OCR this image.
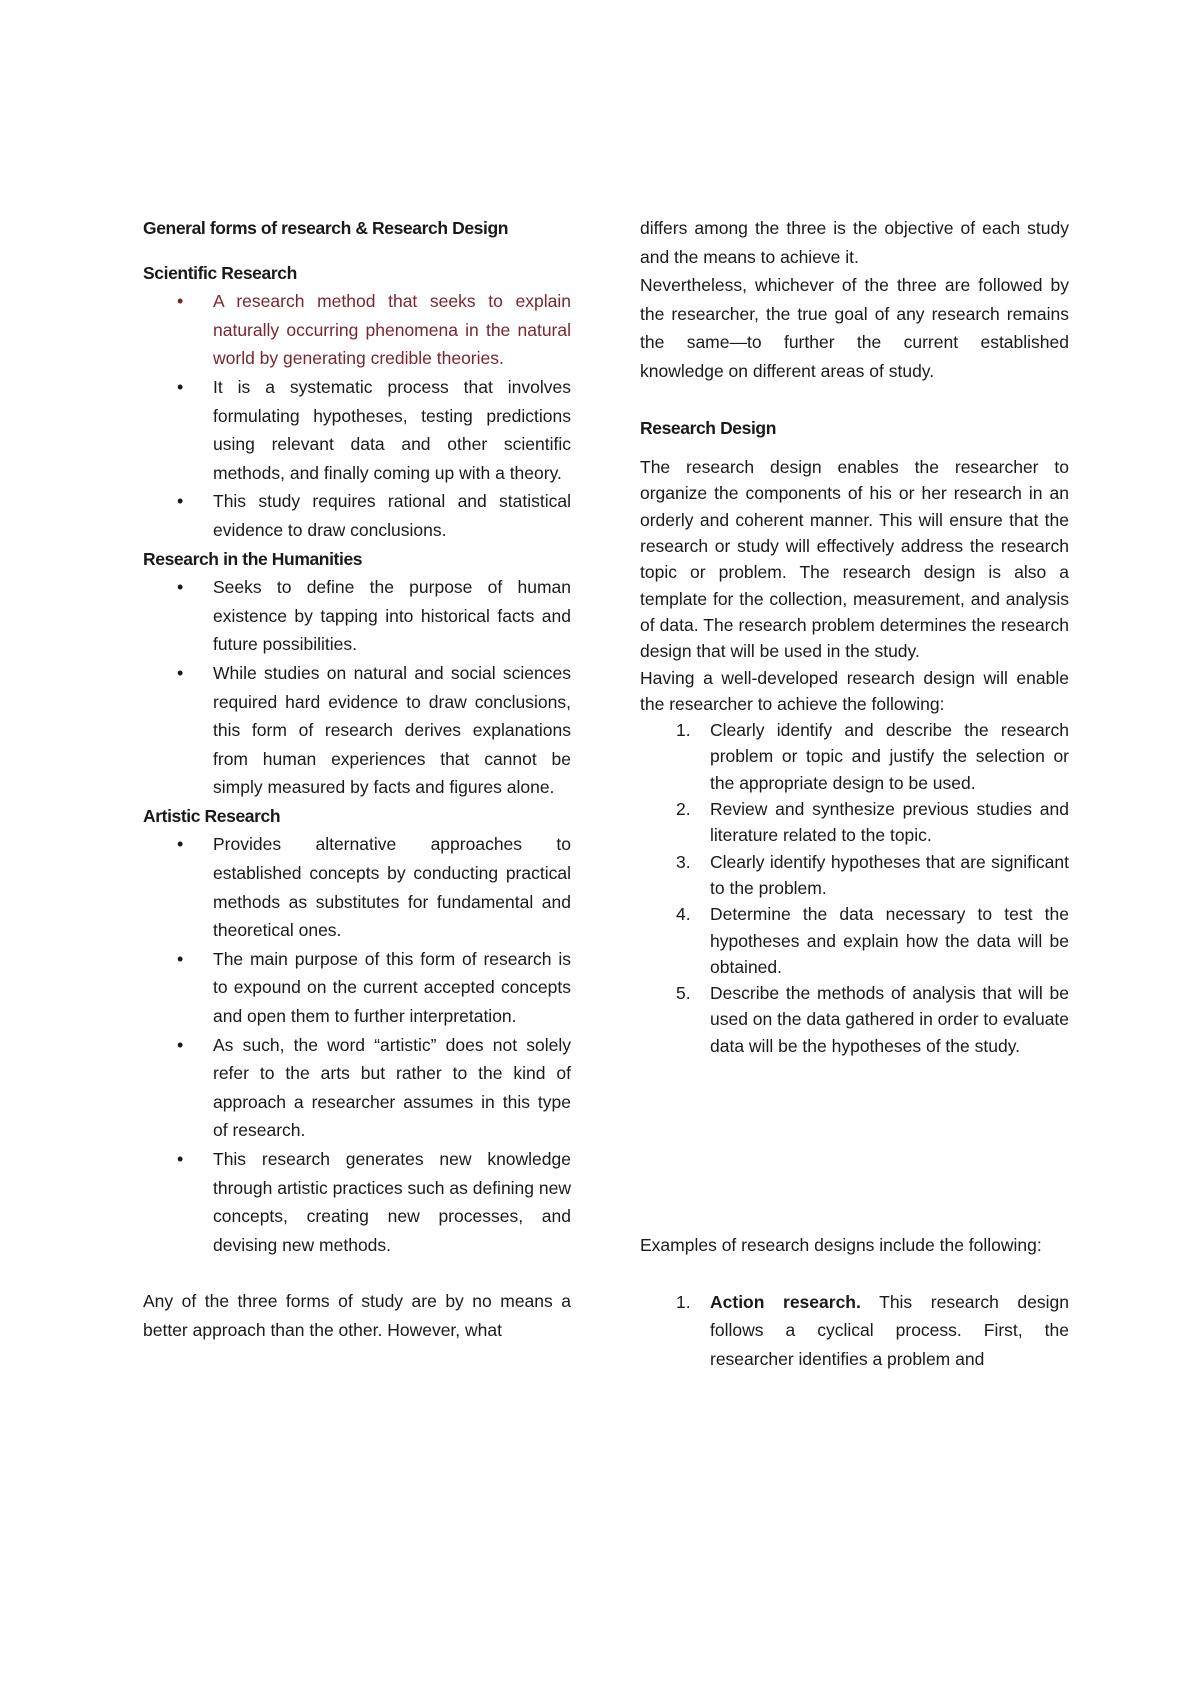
General forms of research & Research Design

Scientific Research

• A research method that seeks to explain naturally occurring phenomena in the natural world by generating credible theories.
• It is a systematic process that involves formulating hypotheses, testing predictions using relevant data and other scientific methods, and finally coming up with a theory.
• This study requires rational and statistical evidence to draw conclusions.

Research in the Humanities

• Seeks to define the purpose of human existence by tapping into historical facts and future possibilities.
• While studies on natural and social sciences required hard evidence to draw conclusions, this form of research derives explanations from human experiences that cannot be simply measured by facts and figures alone.

Artistic Research

• Provides alternative approaches to established concepts by conducting practical methods as substitutes for fundamental and theoretical ones.
• The main purpose of this form of research is to expound on the current accepted concepts and open them to further interpretation.
• As such, the word “artistic” does not solely refer to the arts but rather to the kind of approach a researcher assumes in this type of research.
• This research generates new knowledge through artistic practices such as defining new concepts, creating new processes, and devising new methods.

Any of the three forms of study are by no means a better approach than the other. However, what

differs among the three is the objective of each study and the means to achieve it.

Nevertheless, whichever of the three are followed by the researcher, the true goal of any research remains the same—to further the current established knowledge on different areas of study.

Research Design

The research design enables the researcher to organize the components of his or her research in an orderly and coherent manner. This will ensure that the research or study will effectively address the research topic or problem. The research design is also a template for the collection, measurement, and analysis of data. The research problem determines the research design that will be used in the study.

Having a well-developed research design will enable the researcher to achieve the following:

1. Clearly identify and describe the research problem or topic and justify the selection or the appropriate design to be used.
2. Review and synthesize previous studies and literature related to the topic.
3. Clearly identify hypotheses that are significant to the problem.
4. Determine the data necessary to test the hypotheses and explain how the data will be obtained.
5. Describe the methods of analysis that will be used on the data gathered in order to evaluate data will be the hypotheses of the study.

Examples of research designs include the following:

1. Action research. This research design follows a cyclical process. First, the researcher identifies a problem and
